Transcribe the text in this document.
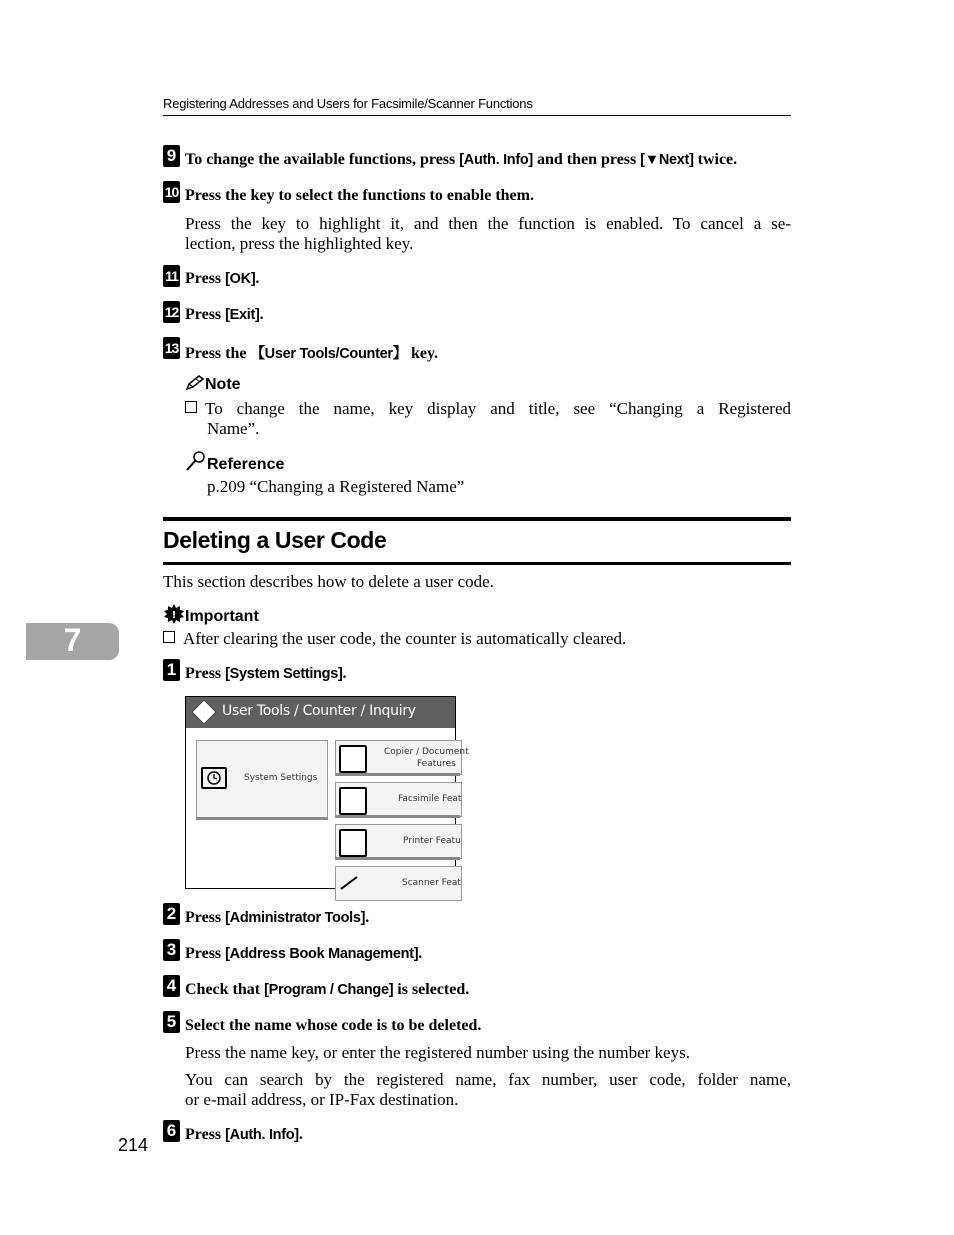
Registering Addresses and Users for Facsimile/Scanner Functions
9 To change the available functions, press [Auth. Info] and then press [▼Next] twice.
10 Press the key to select the functions to enable them.
Press the key to highlight it, and then the function is enabled. To cancel a se-
lection, press the highlighted key.
11 Press [OK].
12 Press [Exit].
13 Press the 【User Tools/Counter】 key.
Note
To change the name, key display and title, see “Changing a Registered
Name”.
Reference
p.209 “Changing a Registered Name”
Deleting a User Code
This section describes how to delete a user code.
! Important
After clearing the user code, the counter is automatically cleared.
7
1 Press [System Settings].
User Tools / Counter / Inquiry
System Settings
Copier / Document
Features
Facsimile Feat
Printer Featu
Scanner Feat
2 Press [Administrator Tools].
3 Press [Address Book Management].
4 Check that [Program / Change] is selected.
5 Select the name whose code is to be deleted.
Press the name key, or enter the registered number using the number keys.
You can search by the registered name, fax number, user code, folder name,
or e-mail address, or IP-Fax destination.
6 Press [Auth. Info].
214
